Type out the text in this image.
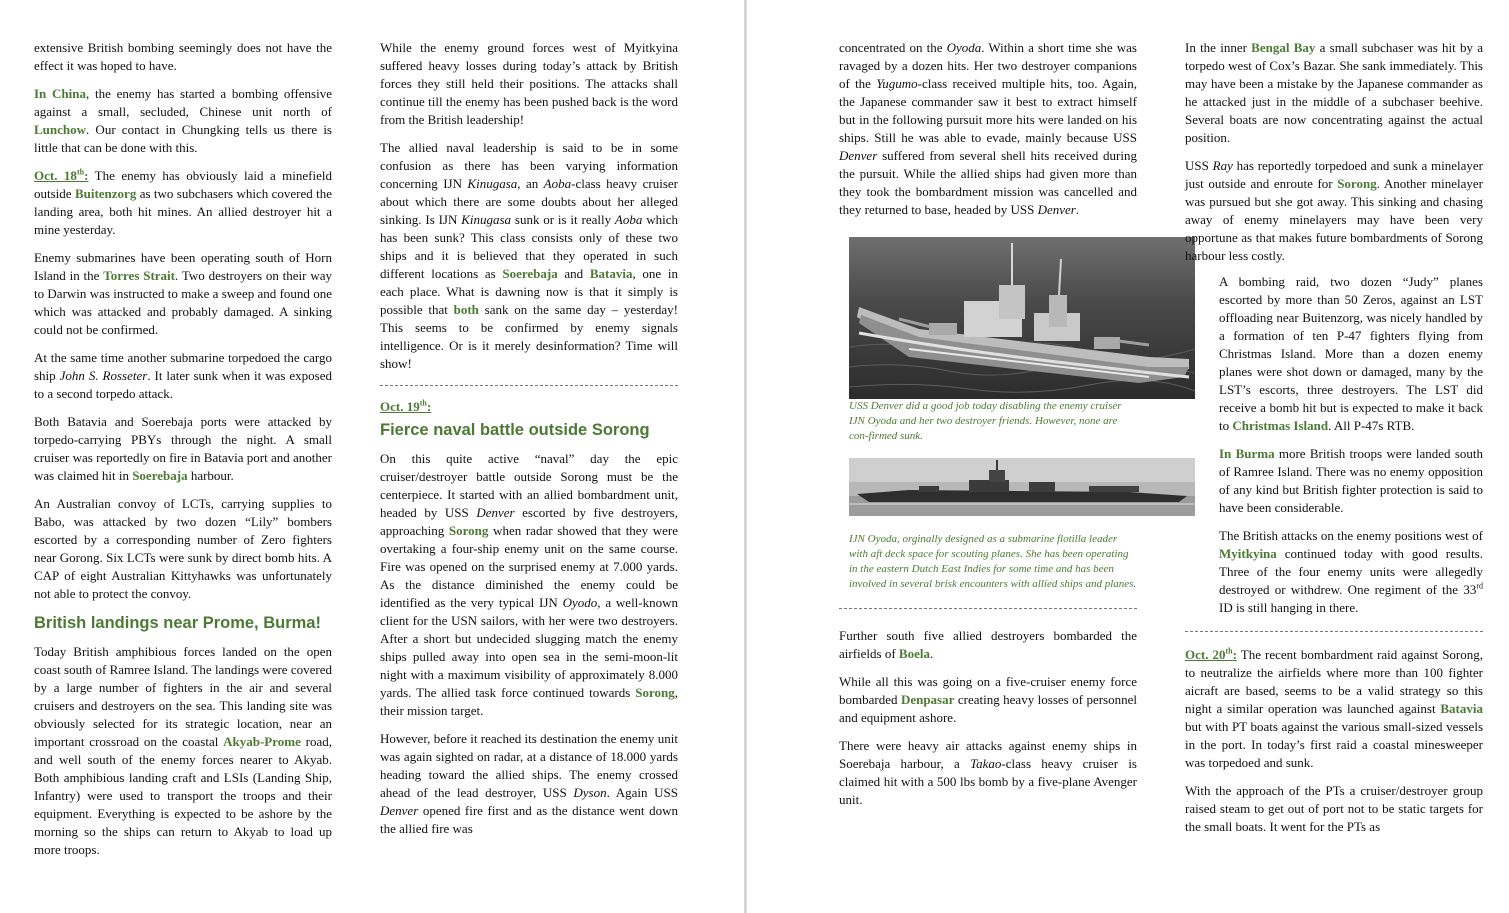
extensive British bombing seemingly does not have the effect it was hoped to have.

In China, the enemy has started a bombing offensive against a small, secluded, Chinese unit north of Lunchow. Our contact in Chungking tells us there is little that can be done with this.

Oct. 18th: The enemy has obviously laid a minefield outside Buitenzorg as two subchasers which covered the landing area, both hit mines. An allied destroyer hit a mine yesterday.

Enemy submarines have been operating south of Horn Island in the Torres Strait. Two destroyers on their way to Darwin was instructed to make a sweep and found one which was attacked and probably damaged. A sinking could not be confirmed.

At the same time another submarine torpedoed the cargo ship John S. Rosseter. It later sunk when it was exposed to a second torpedo attack.

Both Batavia and Soerebaja ports were attacked by torpedo-carrying PBYs through the night. A small cruiser was reportedly on fire in Batavia port and another was claimed hit in Soerebaja harbour.

An Australian convoy of LCTs, carrying supplies to Babo, was attacked by two dozen “Lily” bombers escorted by a corresponding number of Zero fighters near Gorong. Six LCTs were sunk by direct bomb hits. A CAP of eight Australian Kittyhawks was unfortunately not able to protect the convoy.

British landings near Prome, Burma!

Today British amphibious forces landed on the open coast south of Ramree Island. The landings were covered by a large number of fighters in the air and several cruisers and destroyers on the sea. This landing site was obviously selected for its strategic location, near an important crossroad on the coastal Akyab-Prome road, and well south of the enemy forces nearer to Akyab. Both amphibious landing craft and LSIs (Landing Ship, Infantry) were used to transport the troops and their equipment. Everything is expected to be ashore by the morning so the ships can return to Akyab to load up more troops.

While the enemy ground forces west of Myitkyina suffered heavy losses during today’s attack by British forces they still held their positions. The attacks shall continue till the enemy has been pushed back is the word from the British leadership!

The allied naval leadership is said to be in some confusion as there has been varying information concerning IJN Kinugasa, an Aoba-class heavy cruiser about which there are some doubts about her alleged sinking. Is IJN Kinugasa sunk or is it really Aoba which has been sunk? This class consists only of these two ships and it is believed that they operated in such different locations as Soerebaja and Batavia, one in each place. What is dawning now is that it simply is possible that both sank on the same day – yesterday! This seems to be confirmed by enemy signals intelligence. Or is it merely desinformation? Time will show!

Oct. 19th:

Fierce naval battle outside Sorong

On this quite active “naval” day the epic cruiser/destroyer battle outside Sorong must be the centerpiece. It started with an allied bombardment unit, headed by USS Denver escorted by five destroyers, approaching Sorong when radar showed that they were overtaking a four-ship enemy unit on the same course. Fire was opened on the surprised enemy at 7.000 yards. As the distance diminished the enemy could be identified as the very typical IJN Oyodo, a well-known client for the USN sailors, with her were two destroyers. After a short but undecided slugging match the enemy ships pulled away into open sea in the semi-moon-lit night with a maximum visibility of approximately 8.000 yards. The allied task force continued towards Sorong, their mission target.

However, before it reached its destination the enemy unit was again sighted on radar, at a distance of 18.000 yards heading toward the allied ships. The enemy crossed ahead of the lead destroyer, USS Dyson. Again USS Denver opened fire first and as the distance went down the allied fire was

concentrated on the Oyoda. Within a short time she was ravaged by a dozen hits. Her two destroyer companions of the Yugumo-class received multiple hits, too. Again, the Japanese commander saw it best to extract himself but in the following pursuit more hits were landed on his ships. Still he was able to evade, mainly because USS Denver suffered from several shell hits received during the pursuit. While the allied ships had given more than they took the bombardment mission was cancelled and they returned to base, headed by USS Denver.

USS Denver did a good job today disabling the enemy cruiser IJN Oyoda and her two destroyer friends. However, none are con-firmed sunk.

IJN Oyoda, orginally designed as a submarine flotilla leader with aft deck space for scouting planes. She has been operating in the eastern Dutch East Indies for some time and has been involved in several brisk encounters with allied ships and planes.

Further south five allied destroyers bombarded the airfields of Boela.

While all this was going on a five-cruiser enemy force bombarded Denpasar creating heavy losses of personnel and equipment ashore.

There were heavy air attacks against enemy ships in Soerebaja harbour, a Takao-class heavy cruiser is claimed hit with a 500 lbs bomb by a five-plane Avenger unit.

In the inner Bengal Bay a small subchaser was hit by a torpedo west of Cox’s Bazar. She sank immediately. This may have been a mistake by the Japanese commander as he attacked just in the middle of a subchaser beehive. Several boats are now concentrating against the actual position.

USS Ray has reportedly torpedoed and sunk a minelayer just outside and enroute for Sorong. Another minelayer was pursued but she got away. This sinking and chasing away of enemy minelayers may have been very opportune as that makes future bombardments of Sorong harbour less costly.

A bombing raid, two dozen “Judy” planes escorted by more than 50 Zeros, against an LST offloading near Buitenzorg, was nicely handled by a formation of ten P-47 fighters flying from Christmas Island. More than a dozen enemy planes were shot down or damaged, many by the LST’s escorts, three destroyers. The LST did receive a bomb hit but is expected to make it back to Christmas Island. All P-47s RTB.

In Burma more British troops were landed south of Ramree Island. There was no enemy opposition of any kind but British fighter protection is said to have been considerable.

The British attacks on the enemy positions west of Myitkyina continued today with good results. Three of the four enemy units were allegedly destroyed or withdrew. One regiment of the 33rd ID is still hanging in there.

Oct. 20th: The recent bombardment raid against Sorong, to neutralize the airfields where more than 100 fighter aicraft are based, seems to be a valid strategy so this night a similar operation was launched against Batavia but with PT boats against the various small-sized vessels in the port. In today’s first raid a coastal minesweeper was torpedoed and sunk.

With the approach of the PTs a cruiser/destroyer group raised steam to get out of port not to be static targets for the small boats. It went for the PTs as
